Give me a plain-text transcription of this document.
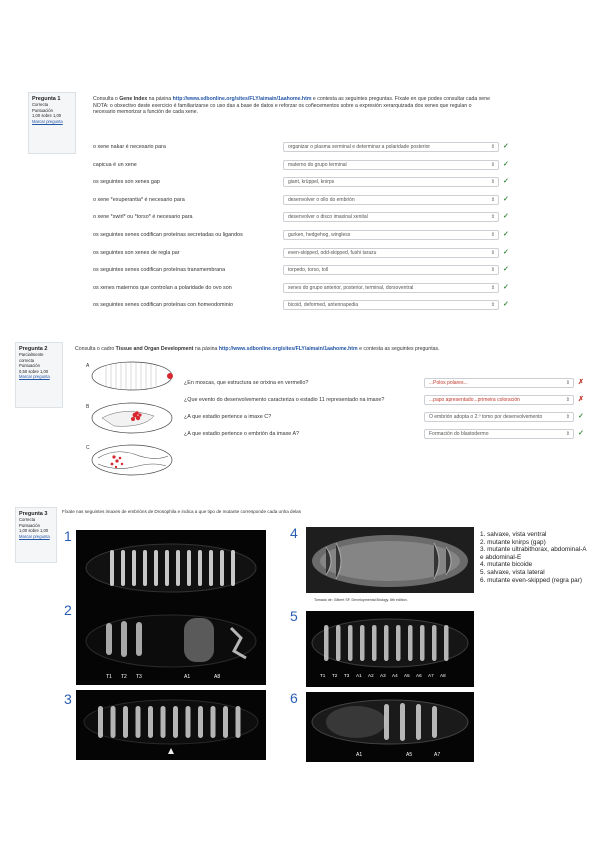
Pregunta 1
Correcta
Puntuación
1,00 sobre 1,00
Marcar pregunta
Consulta o Gene Index na páxina http://www.sdbonline.org/sites/FLY/aimain/1aahome.htm e contesta as seguintes preguntas. Fíxate en que podes consultar cada xene
NOTA: o obxectivo deste exercicio é familiarizarse co uso das a base de datos e reforzar os coñecementos sobre a expresión xerarquizada dos xenes que regulan o
necesario memorizar a función de cada xene.
o xene nakar é necesario para	organizar o plasma xerminal e determinar a polaridade posterior	⇕ ✓
capicua é un xene	materno do grupo terminal	⇕ ✓
os seguintes son xenes gap	giant, krüppel, knirps	⇕ ✓
o xene *exuperantia* é necesario para	desenvolver o ollo do embrión	⇕ ✓
o xene *swirl* ou *torso* é necesario para	desenvolver o disco imaxinal xenital	⇕ ✓
os seguintes xenes codifican proteínas secretadas ou ligandos	gurken, hedgehog, wingless	⇕ ✓
os seguintes son xenes de regla par	even-skipped, odd-skipped, fushi tarazu	⇕ ✓
os seguintes xenes codifican proteínas transmembrana	torpedo, torso, toll	⇕ ✓
os xenes maternos que controlan a polaridade do ovo son	xenes do grupo anterior, posterior, terminal, dorsoventral	⇕ ✓
os seguintes xenes codifican proteínas con homeodominio	bicoid, deformed, antennapedia	⇕ ✓
Pregunta 2
Parcialmente correcta
Puntuación
0,50 sobre 1,00
Marcar pregunta
Consulta o cadro Tissue and Organ Development na páxina http://www.sdbonline.org/sites/FLY/aimain/1aahome.htm e contesta as seguintes preguntas.
A
B
C
¿En moscas, que estructura se orixina en vermello?	...Polos polares...	⇕ ✗
¿Que evento do desenvolvemento caracteriza o estadio 11 representado na imaxe?	...papo apresentado...primeira coloración	⇕ ✗
¿A que estadio pertence a imaxe C?	O embrión adopta o 2.º tomo por desenvolvemento	⇕ ✓
¿A que estadio pertence o embrión da imaxe A?	Formación do blastodermo	⇕ ✓
Pregunta 3
Correcta
Puntuación
1,00 sobre 1,00
Marcar pregunta
Fíxate nas seguintes imaxes de embrións de Drosophila e indica a que tipo de mutante corresponde cada unha delas
1
2
3
4
5
6
T1 T2 T3	A1	A8
Tomado de: Gilbert SF. Developmental Biology. 6th edition.
T1 T2 T3 A1 A2 A3 A4 A5 A6 A7 A8
A1	A5	A7
1. salvaxe, vista ventral
2. mutante knirps (gap)
3. mutante ultrabithorax, abdominal-A e abdominal-E
4. mutante bicoide
5. salvaxe, vista lateral
6. mutante even-skipped (regra par)
